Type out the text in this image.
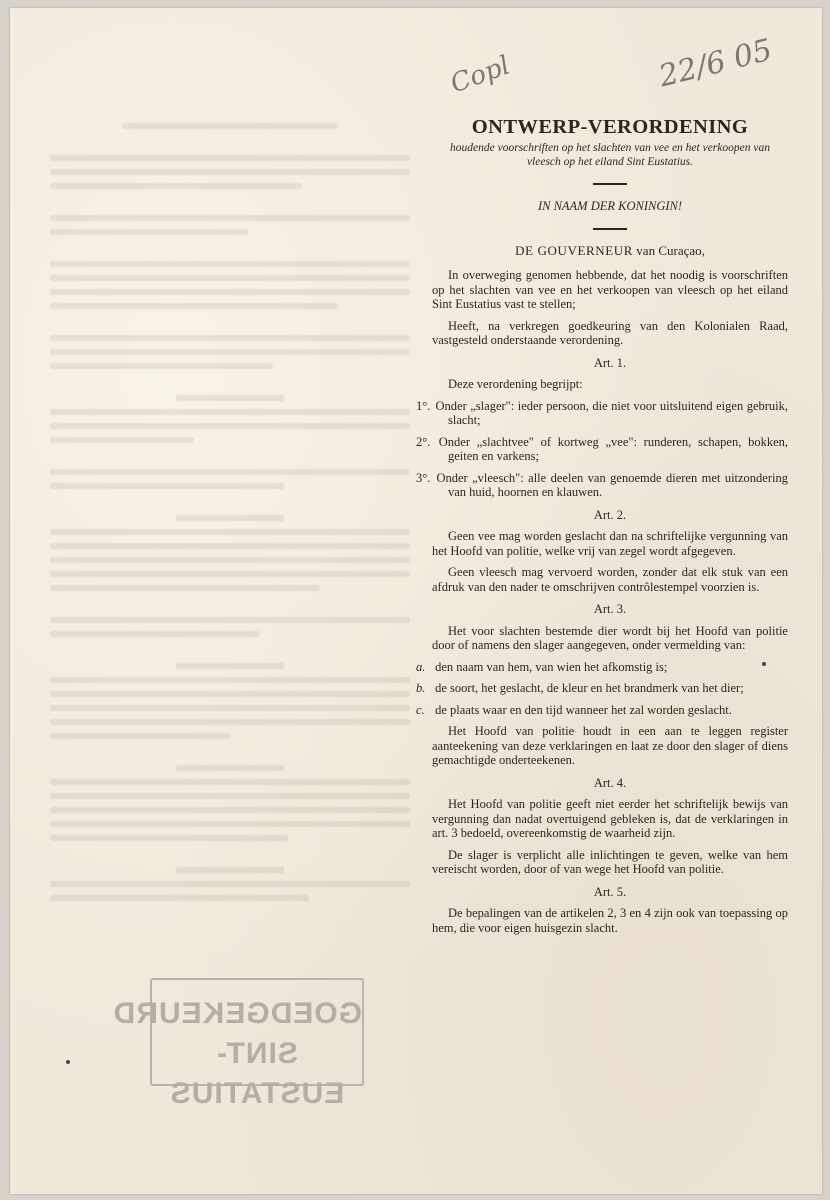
GOEDGEKEURD
SINT-EUSTATIUS
Copl	22/6 05
ONTWERP-VERORDENING

houdende voorschriften op het slachten van vee en het verkoopen van vleesch op het eiland Sint Eustatius.

IN NAAM DER KONINGIN!

DE GOUVERNEUR van Curaçao,

In overweging genomen hebbende, dat het noodig is voorschriften op het slachten van vee en het verkoopen van vleesch op het eiland Sint Eustatius vast te stellen;

Heeft, na verkregen goedkeuring van den Kolonialen Raad, vastgesteld onderstaande verordening.

Art. 1.

Deze verordening begrijpt:

Onder „slager": ieder persoon, die niet voor uitsluitend eigen gebruik, slacht;

Onder „slachtvee" of kortweg „vee": runderen, schapen, bokken, geiten en varkens;

Onder „vleesch": alle deelen van genoemde dieren met uitzondering van huid, hoornen en klauwen.

Art. 2.

Geen vee mag worden geslacht dan na schriftelijke vergunning van het Hoofd van politie, welke vrij van zegel wordt afgegeven.

Geen vleesch mag vervoerd worden, zonder dat elk stuk van een afdruk van den nader te omschrijven contrôlestempel voorzien is.

Art. 3.

Het voor slachten bestemde dier wordt bij het Hoofd van politie door of namens den slager aangegeven, onder vermelding van:

den naam van hem, van wien het afkomstig is;

de soort, het geslacht, de kleur en het brandmerk van het dier;

de plaats waar en den tijd wanneer het zal worden geslacht.

Het Hoofd van politie houdt in een aan te leggen register aanteekening van deze verklaringen en laat ze door den slager of diens gemachtigde onderteekenen.

Art. 4.

Het Hoofd van politie geeft niet eerder het schriftelijk bewijs van vergunning dan nadat overtuigend gebleken is, dat de verklaringen in art. 3 bedoeld, overeenkomstig de waarheid zijn.

De slager is verplicht alle inlichtingen te geven, welke van hem vereischt worden, door of van wege het Hoofd van politie.

Art. 5.

De bepalingen van de artikelen 2, 3 en 4 zijn ook van toepassing op hem, die voor eigen huisgezin slacht.
